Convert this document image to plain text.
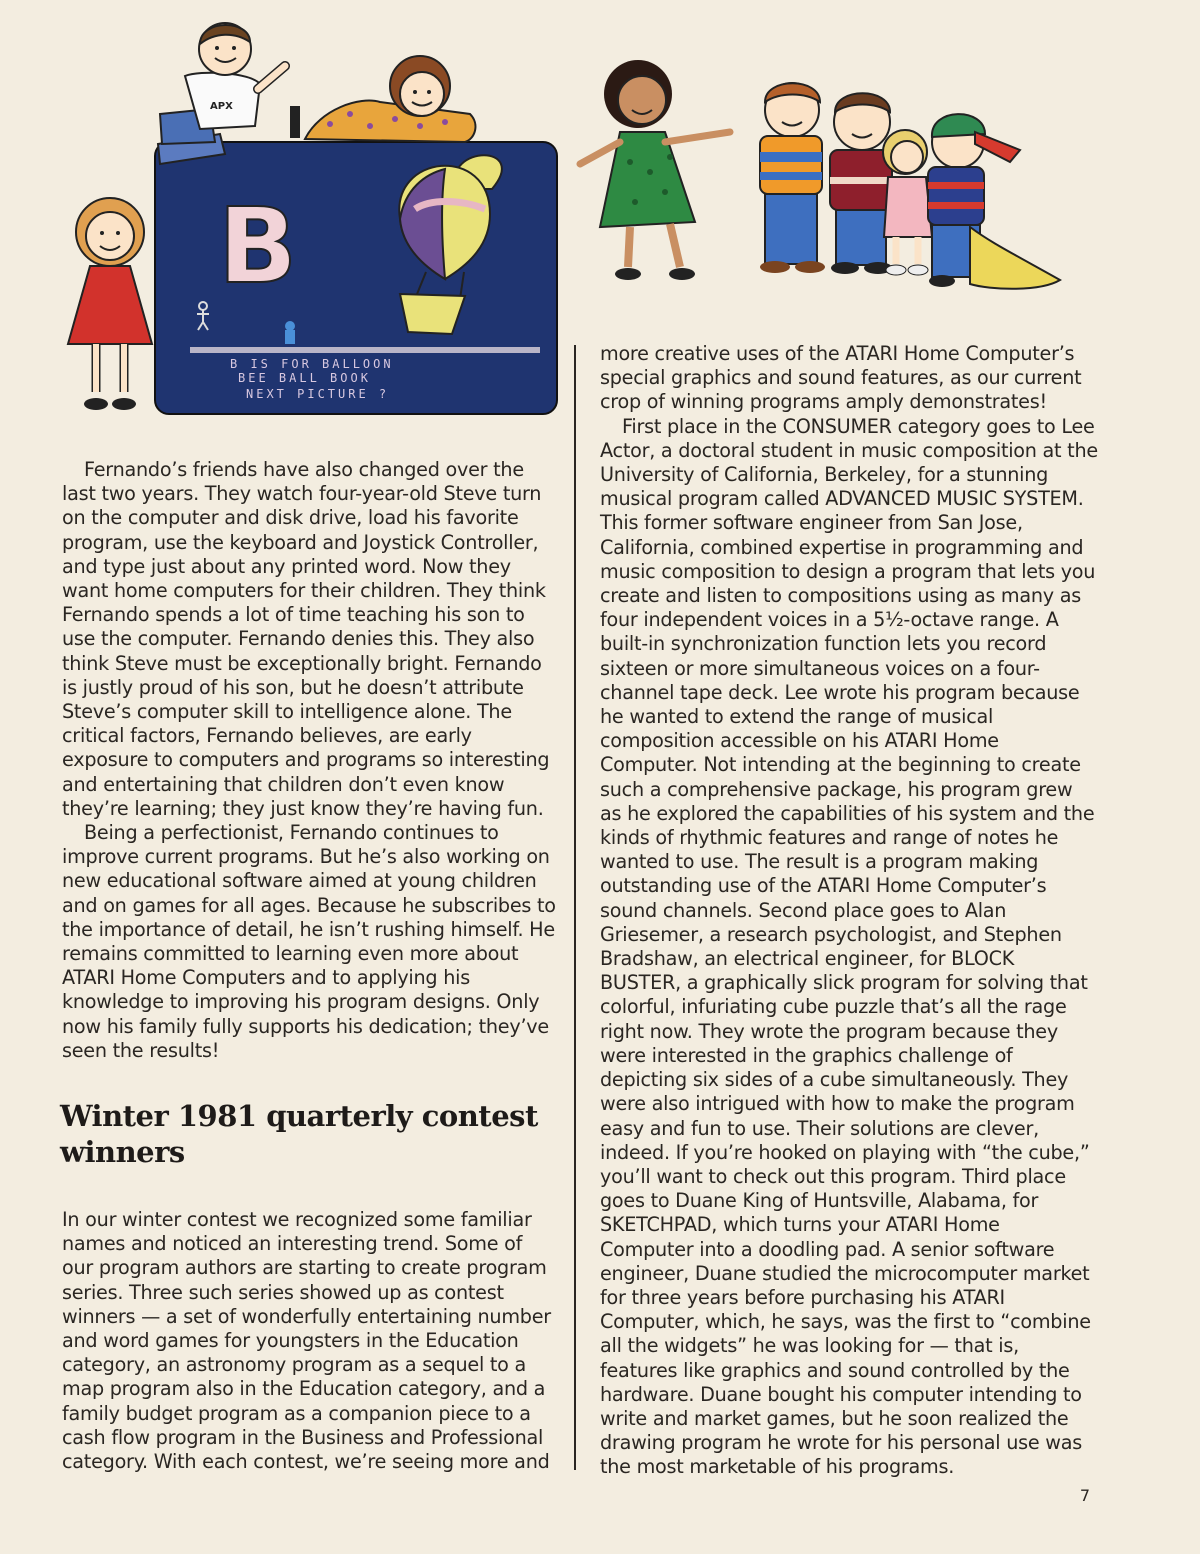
B
B IS FOR BALLOON
BEE BALL BOOK
NEXT PICTURE ?
APX

Fernando’s friends have also changed over the last two years. They watch four-year-old Steve turn on the computer and disk drive, load his favorite program, use the keyboard and Joystick Controller, and type just about any printed word. Now they want home computers for their children. They think Fernando spends a lot of time teaching his son to use the computer. Fernando denies this. They also think Steve must be exceptionally bright. Fernando is justly proud of his son, but he doesn’t attribute Steve’s computer skill to intelligence alone. The critical factors, Fernando believes, are early exposure to computers and programs so interesting and entertaining that children don’t even know they’re learning; they just know they’re having fun.

Being a perfectionist, Fernando continues to improve current programs. But he’s also working on new educational software aimed at young children and on games for all ages. Because he subscribes to the importance of detail, he isn’t rushing himself. He remains committed to learning even more about ATARI Home Computers and to applying his knowledge to improving his program designs. Only now his family fully supports his dedication; they’ve seen the results!

Winter 1981 quarterly contest winners

In our winter contest we recognized some familiar names and noticed an interesting trend. Some of our program authors are starting to create program series. Three such series showed up as contest winners — a set of wonderfully entertaining number and word games for youngsters in the Education category, an astronomy program as a sequel to a map program also in the Education category, and a family budget program as a companion piece to a cash flow program in the Business and Professional category. With each contest, we’re seeing more and

more creative uses of the ATARI Home Computer’s special graphics and sound features, as our current crop of winning programs amply demonstrates!

First place in the CONSUMER category goes to Lee Actor, a doctoral student in music composition at the University of California, Berkeley, for a stunning musical program called ADVANCED MUSIC SYSTEM. This former software engineer from San Jose, California, combined expertise in programming and music composition to design a program that lets you create and listen to compositions using as many as four independent voices in a 5½-octave range. A built-in synchronization function lets you record sixteen or more simultaneous voices on a four-channel tape deck. Lee wrote his program because he wanted to extend the range of musical composition accessible on his ATARI Home Computer. Not intending at the beginning to create such a comprehensive package, his program grew as he explored the capabilities of his system and the kinds of rhythmic features and range of notes he wanted to use. The result is a program making outstanding use of the ATARI Home Computer’s sound channels. Second place goes to Alan Griesemer, a research psychologist, and Stephen Bradshaw, an electrical engineer, for BLOCK BUSTER, a graphically slick program for solving that colorful, infuriating cube puzzle that’s all the rage right now. They wrote the program because they were interested in the graphics challenge of depicting six sides of a cube simultaneously. They were also intrigued with how to make the program easy and fun to use. Their solutions are clever, indeed. If you’re hooked on playing with “the cube,” you’ll want to check out this program. Third place goes to Duane King of Huntsville, Alabama, for SKETCHPAD, which turns your ATARI Home Computer into a doodling pad. A senior software engineer, Duane studied the microcomputer market for three years before purchasing his ATARI Computer, which, he says, was the first to “combine all the widgets” he was looking for — that is, features like graphics and sound controlled by the hardware. Duane bought his computer intending to write and market games, but he soon realized the drawing program he wrote for his personal use was the most marketable of his programs.

7
